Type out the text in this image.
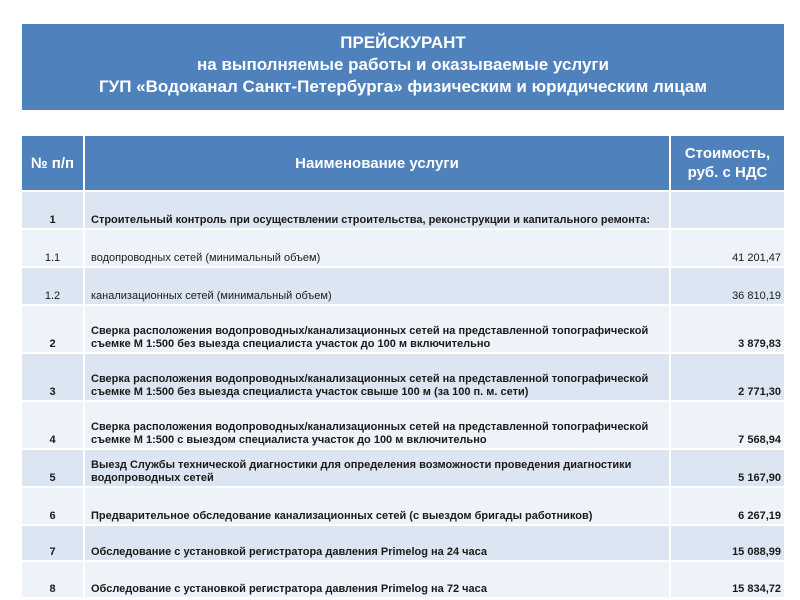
ПРЕЙСКУРАНТ
на выполняемые работы и оказываемые услуги
ГУП «Водоканал Санкт-Петербурга» физическим и юридическим лицам
№ п/п	Наименование услуги	Стоимость, руб. с НДС
1	Строительный контроль при осуществлении строительства, реконструкции и капитального ремонта:	
1.1	водопроводных сетей (минимальный объем)	41 201,47
1.2	канализационных сетей (минимальный объем)	36 810,19
2	Сверка расположения водопроводных/канализационных сетей на представленной топографической съемке М 1:500 без выезда специалиста участок до 100 м включительно	3 879,83
3	Сверка расположения водопроводных/канализационных сетей на представленной топографической съемке М 1:500 без выезда специалиста участок свыше 100 м (за 100 п. м. сети)	2 771,30
4	Сверка расположения водопроводных/канализационных сетей на представленной топографической съемке М 1:500 с выездом специалиста участок до 100 м включительно	7 568,94
5	Выезд Службы технической диагностики для определения возможности проведения диагностики водопроводных сетей	5 167,90
6	Предварительное обследование канализационных сетей (с выездом бригады работников)	6 267,19
7	Обследование с установкой регистратора давления Primelog на 24 часа	15 088,99
8	Обследование с установкой регистратора давления Primelog на 72 часа	15 834,72
